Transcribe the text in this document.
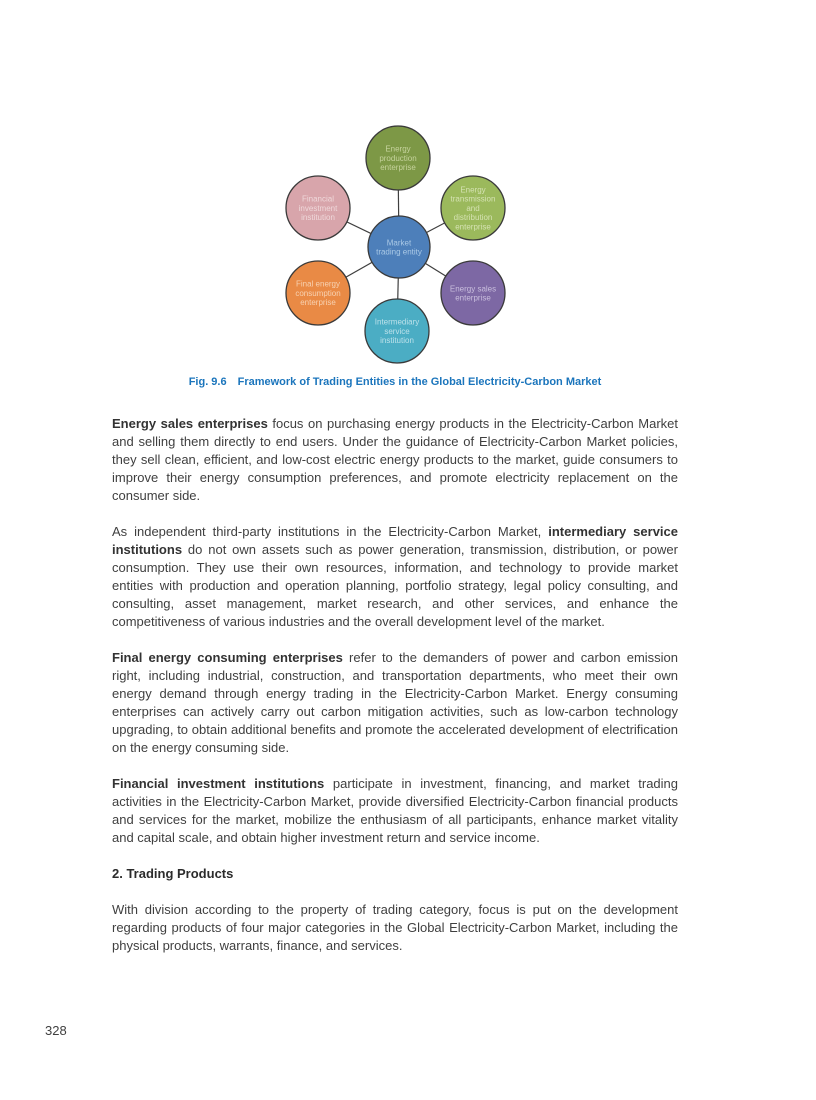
Energy production enterprise
Energy transmission and distribution enterprise
Energy sales enterprise
Intermediary service institution
Final energy consumption enterprise
Financial investment institution
Market trading entity
Fig. 9.6 Framework of Trading Entities in the Global Electricity-Carbon Market

Energy sales enterprises focus on purchasing energy products in the Electricity-Carbon Market and selling them directly to end users. Under the guidance of Electricity-Carbon Market policies, they sell clean, efficient, and low-cost electric energy products to the market, guide consumers to improve their energy consumption preferences, and promote electricity replacement on the consumer side.

As independent third-party institutions in the Electricity-Carbon Market, intermediary service institutions do not own assets such as power generation, transmission, distribution, or power consumption. They use their own resources, information, and technology to provide market entities with production and operation planning, portfolio strategy, legal policy consulting, and consulting, asset management, market research, and other services, and enhance the competitiveness of various industries and the overall development level of the market.

Final energy consuming enterprises refer to the demanders of power and carbon emission right, including industrial, construction, and transportation departments, who meet their own energy demand through energy trading in the Electricity-Carbon Market. Energy consuming enterprises can actively carry out carbon mitigation activities, such as low-carbon technology upgrading, to obtain additional benefits and promote the accelerated development of electrification on the energy consuming side.

Financial investment institutions participate in investment, financing, and market trading activities in the Electricity-Carbon Market, provide diversified Electricity-Carbon financial products and services for the market, mobilize the enthusiasm of all participants, enhance market vitality and capital scale, and obtain higher investment return and service income.

2. Trading Products

With division according to the property of trading category, focus is put on the development regarding products of four major categories in the Global Electricity-Carbon Market, including the physical products, warrants, finance, and services.

328
